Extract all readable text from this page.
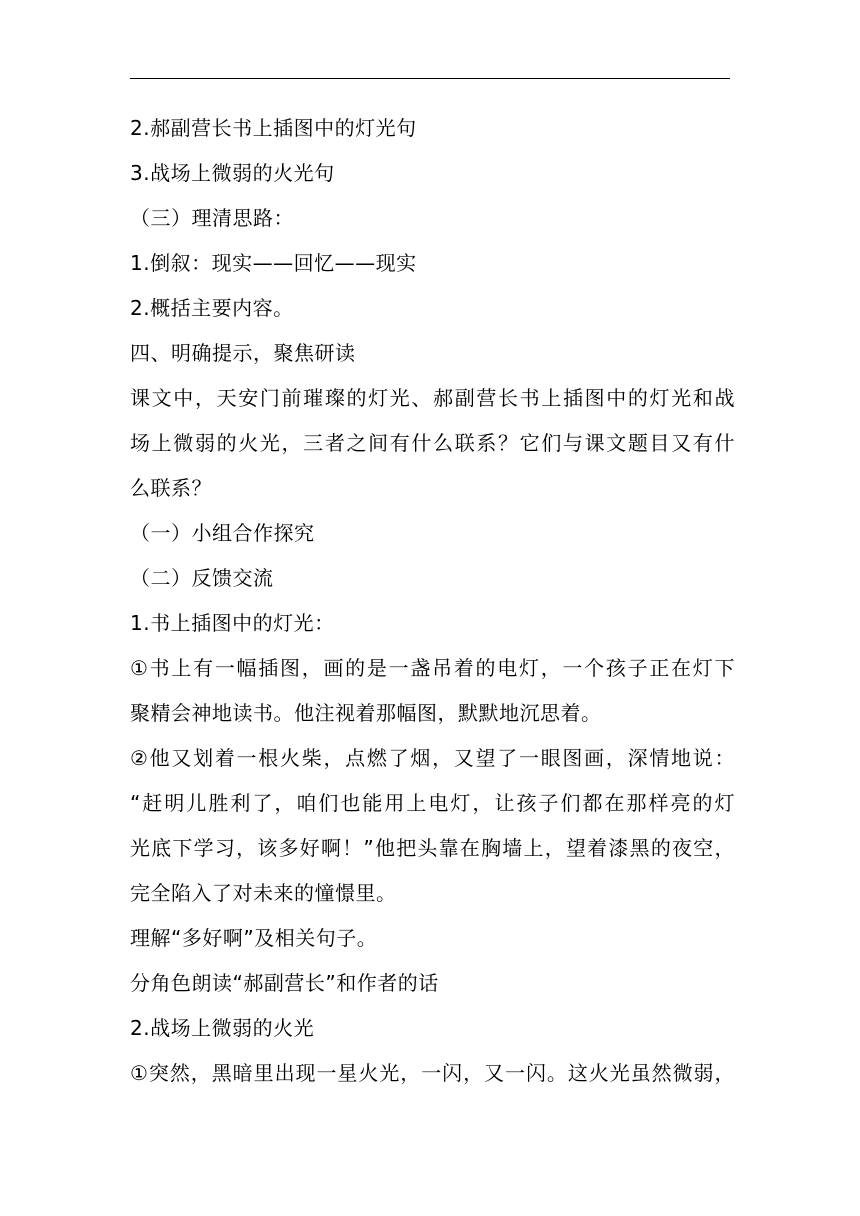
2.郝副营长书上插图中的灯光句
3.战场上微弱的火光句
（三）理清思路：
1.倒叙：现实——回忆——现实
2.概括主要内容。
四、明确提示，聚焦研读
课文中，天安门前璀璨的灯光、郝副营长书上插图中的灯光和战
场上微弱的火光，三者之间有什么联系？它们与课文题目又有什
么联系？
（一）小组合作探究
（二）反馈交流
1.书上插图中的灯光：
①书上有一幅插图，画的是一盏吊着的电灯，一个孩子正在灯下
聚精会神地读书。他注视着那幅图，默默地沉思着。
②他又划着一根火柴，点燃了烟，又望了一眼图画，深情地说：
“赶明儿胜利了，咱们也能用上电灯，让孩子们都在那样亮的灯
光底下学习，该多好啊！”他把头靠在胸墙上，望着漆黑的夜空，
完全陷入了对未来的憧憬里。
理解“多好啊”及相关句子。
分角色朗读“郝副营长”和作者的话
2.战场上微弱的火光
①突然，黑暗里出现一星火光，一闪，又一闪。这火光虽然微弱，
